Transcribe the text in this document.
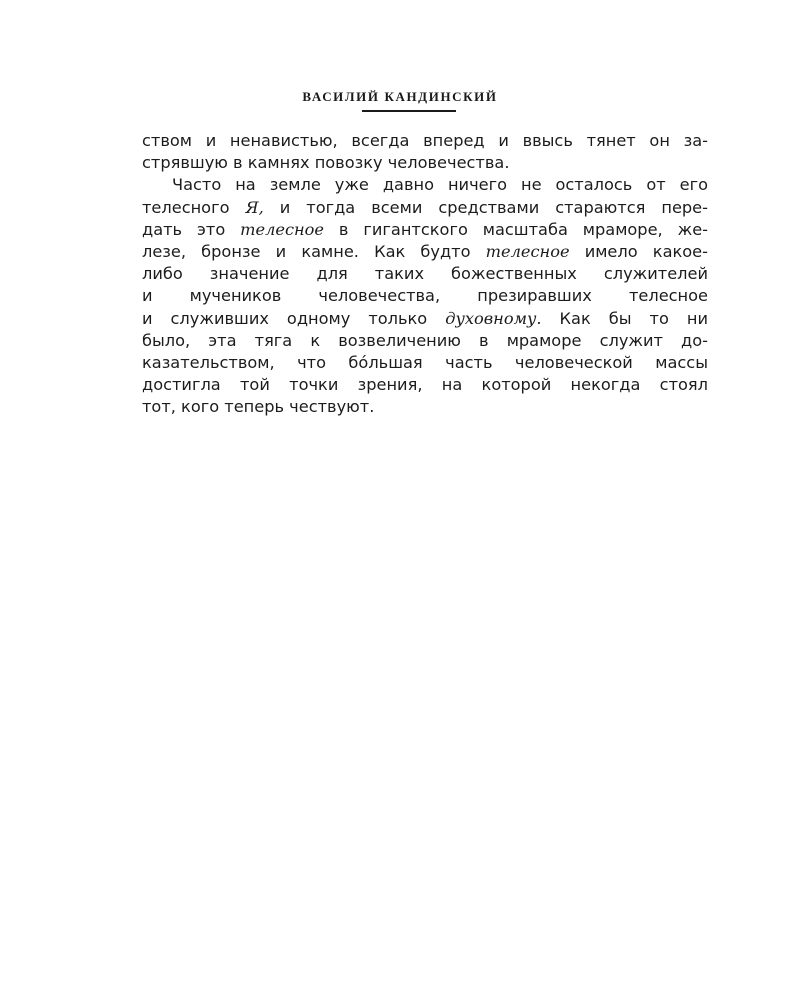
ВАСИЛИЙ КАНДИНСКИЙ
ством и ненавистью, всегда вперед и ввысь тянет он за-
стрявшую в камнях повозку человечества.
Часто на земле уже давно ничего не осталось от его
телесного Я, и тогда всеми средствами стараются пере-
дать это телесное в гигантского масштаба мраморе, же-
лезе, бронзе и камне. Как будто телесное имело какое-
либо значение для таких божественных служителей
и мучеников человечества, презиравших телесное
и служивших одному только духовному. Как бы то ни
было, эта тяга к возвеличению в мраморе служит до-
казательством, что бóльшая часть человеческой массы
достигла той точки зрения, на которой некогда стоял
тот, кого теперь чествуют.
